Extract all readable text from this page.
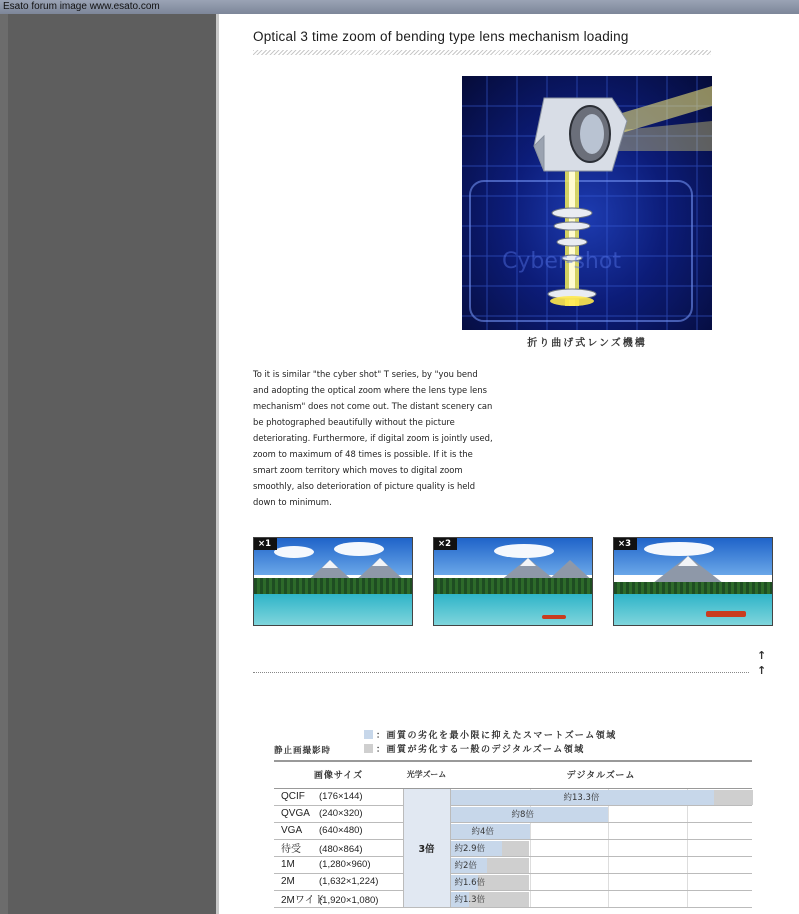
Esato forum image www.esato.com
Optical 3 time zoom of bending type lens mechanism loading
Cyber-shot
折り曲げ式レンズ機構
To it is similar "the cyber shot" T series, by "you bend and adopting the optical zoom where the lens type lens mechanism" does not come out. The distant scenery can be photographed beautifully without the picture deteriorating. Furthermore, if digital zoom is jointly used, zoom to maximum of 48 times is possible. If it is the smart zoom territory which moves to digital zoom smoothly, also deterioration of picture quality is held down to minimum.
×1	×2	×3
↑
↑
：画質の劣化を最小限に抑えたスマートズーム領域
：画質が劣化する一般のデジタルズーム領域
静止画撮影時
画像サイズ	光学ズーム	デジタルズーム
QCIF (176×144)	3倍	約13.3倍

QVGA (240×320)		約8倍

VGA (640×480)		約4倍

待受 (480×864)		約2.9倍

1M (1,280×960)		約2倍

2M (1,632×1,224)		約1.6倍

2Mワイド(1,920×1,080)		約1.3倍
